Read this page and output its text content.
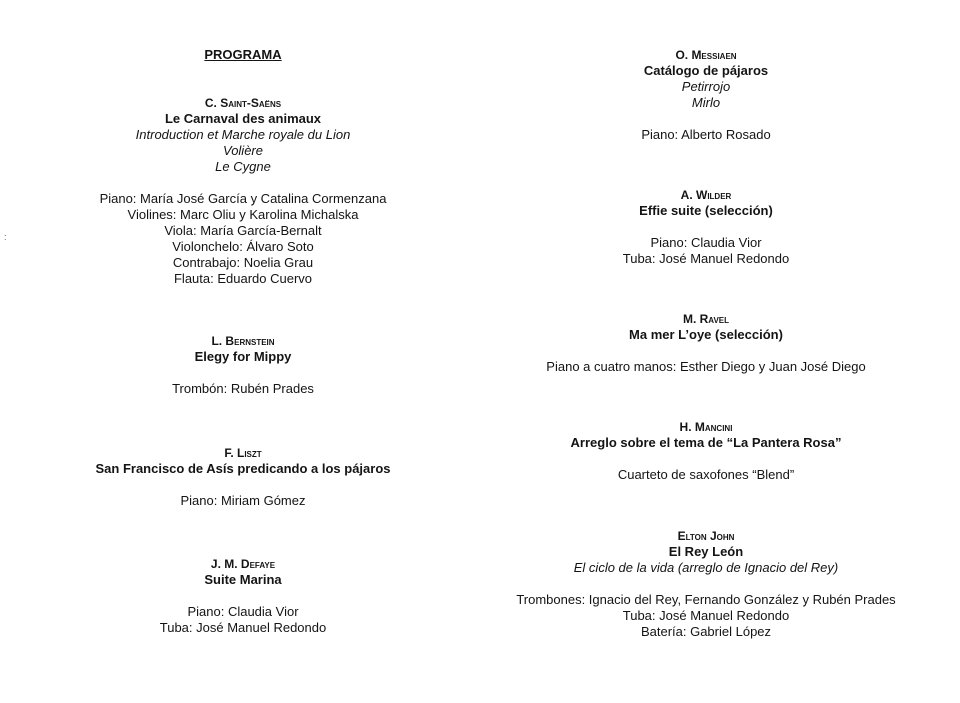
:
PROGRAMA
C. Saint-Saëns
Le Carnaval des animaux
Introduction et Marche royale du Lion
Volière
Le Cygne
Piano: María José García y Catalina Cormenzana
Violines: Marc Oliu y Karolina Michalska
Viola: María García-Bernalt
Violonchelo: Álvaro Soto
Contrabajo: Noelia Grau
Flauta: Eduardo Cuervo
L. Bernstein
Elegy for Mippy
Trombón: Rubén Prades
F. Liszt
San Francisco de Asís predicando a los pájaros
Piano: Miriam Gómez
J. M. Defaye
Suite Marina
Piano: Claudia Vior
Tuba: José Manuel Redondo
O. Messiaen
Catálogo de pájaros
Petirrojo
Mirlo
Piano: Alberto Rosado
A. Wilder
Effie suite (selección)
Piano: Claudia Vior
Tuba: José Manuel Redondo
M. Ravel
Ma mer L’oye (selección)
Piano a cuatro manos: Esther Diego y Juan José Diego
H. Mancini
Arreglo sobre el tema de “La Pantera Rosa”
Cuarteto de saxofones “Blend”
Elton John
El Rey León
El ciclo de la vida (arreglo de Ignacio del Rey)
Trombones: Ignacio del Rey, Fernando González y Rubén Prades
Tuba: José Manuel Redondo
Batería: Gabriel López
